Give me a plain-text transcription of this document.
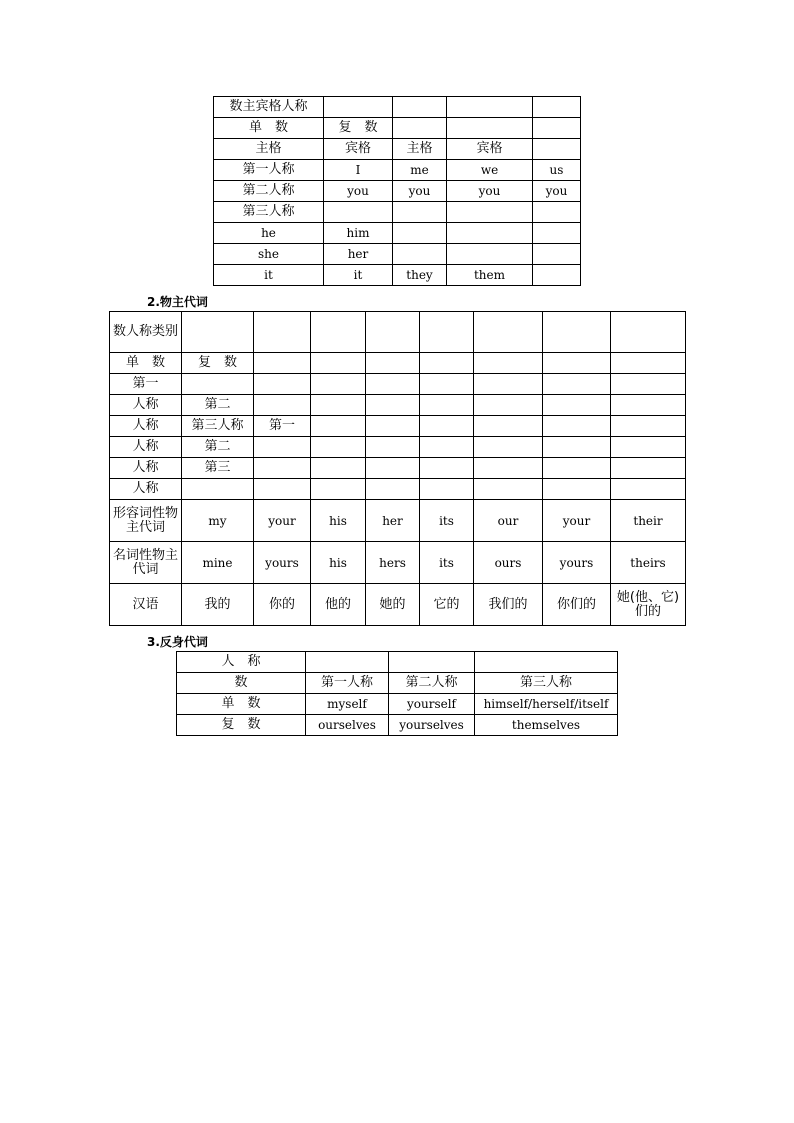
数主宾格人称				
单　数	复　数			
主格	宾格	主格	宾格	
第一人称	I	me	we	us
第二人称	you	you	you	you
第三人称				
he	him			
she	her			
it	it	they	them	
2.物主代词
数人称类别								
单　数	复　数							
第一								
人称	第二							
人称	第三人称	第一						
人称	第二							
人称	第三							
人称								
形容词性物主代词	my	your	his	her	its	our	your	their
名词性物主代词	mine	yours	his	hers	its	ours	yours	theirs
汉语	我的	你的	他的	她的	它的	我们的	你们的	她(他、它)们的
3.反身代词
人　称			
数	第一人称	第二人称	第三人称
单　数	myself	yourself	himself/herself/itself
复　数	ourselves	yourselves	themselves
